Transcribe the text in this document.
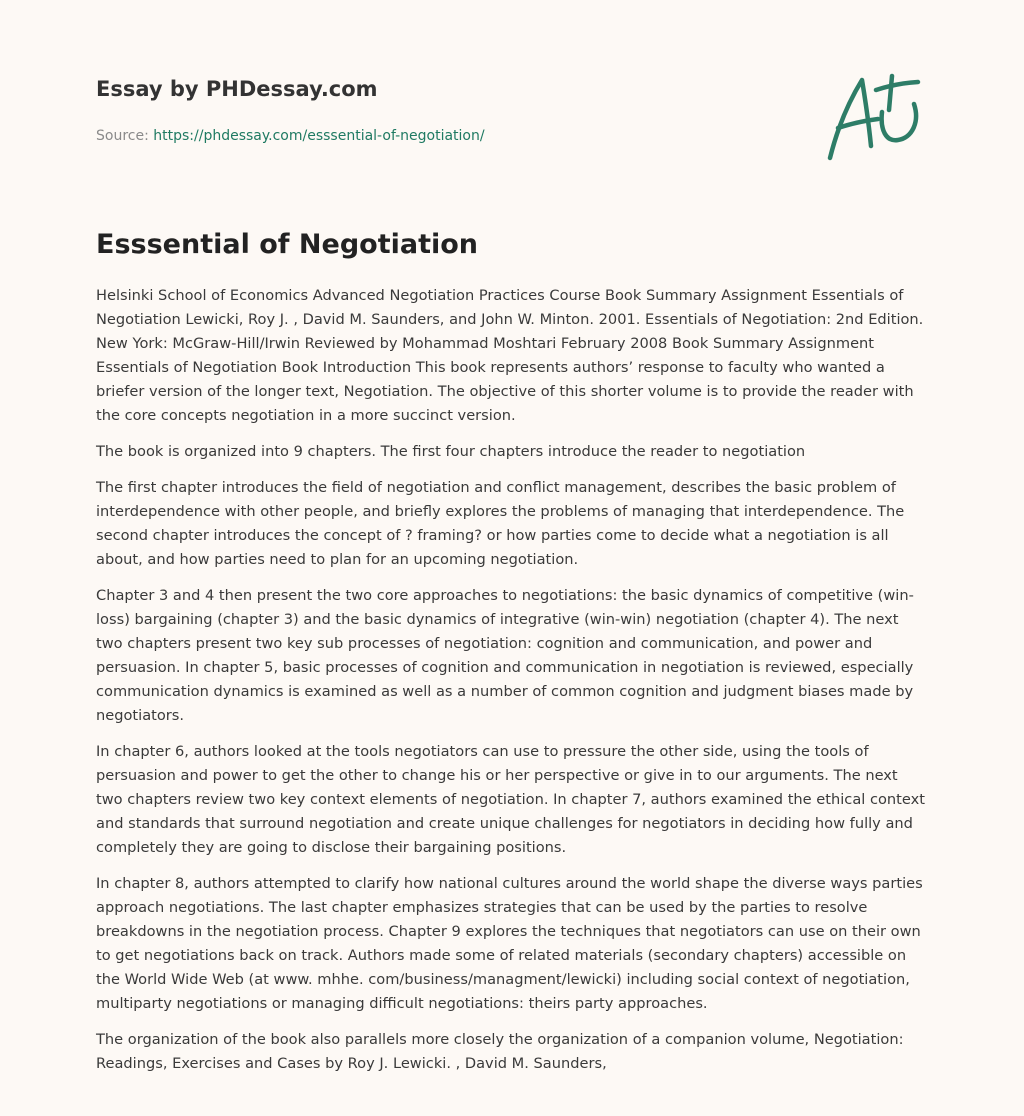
Essay by PHDessay.com
Source: https://phdessay.com/esssential-of-negotiation/
Esssential of Negotiation

Helsinki School of Economics Advanced Negotiation Practices Course Book Summary Assignment Essentials of Negotiation Lewicki, Roy J. , David M. Saunders, and John W. Minton. 2001. Essentials of Negotiation: 2nd Edition. New York: McGraw-Hill/Irwin Reviewed by Mohammad Moshtari February 2008 Book Summary Assignment Essentials of Negotiation Book Introduction This book represents authors’ response to faculty who wanted a briefer version of the longer text, Negotiation. The objective of this shorter volume is to provide the reader with the core concepts negotiation in a more succinct version.

The book is organized into 9 chapters. The first four chapters introduce the reader to negotiation

The first chapter introduces the field of negotiation and conflict management, describes the basic problem of interdependence with other people, and briefly explores the problems of managing that interdependence. The second chapter introduces the concept of ? framing? or how parties come to decide what a negotiation is all about, and how parties need to plan for an upcoming negotiation.

Chapter 3 and 4 then present the two core approaches to negotiations: the basic dynamics of competitive (win-loss) bargaining (chapter 3) and the basic dynamics of integrative (win-win) negotiation (chapter 4). The next two chapters present two key sub processes of negotiation: cognition and communication, and power and persuasion. In chapter 5, basic processes of cognition and communication in negotiation is reviewed, especially communication dynamics is examined as well as a number of common cognition and judgment biases made by negotiators.

In chapter 6, authors looked at the tools negotiators can use to pressure the other side, using the tools of persuasion and power to get the other to change his or her perspective or give in to our arguments. The next two chapters review two key context elements of negotiation. In chapter 7, authors examined the ethical context and standards that surround negotiation and create unique challenges for negotiators in deciding how fully and completely they are going to disclose their bargaining positions.

In chapter 8, authors attempted to clarify how national cultures around the world shape the diverse ways parties approach negotiations. The last chapter emphasizes strategies that can be used by the parties to resolve breakdowns in the negotiation process. Chapter 9 explores the techniques that negotiators can use on their own to get negotiations back on track. Authors made some of related materials (secondary chapters) accessible on the World Wide Web (at www. mhhe. com/business/managment/lewicki) including social context of negotiation, multiparty negotiations or managing difficult negotiations: theirs party approaches.

The organization of the book also parallels more closely the organization of a companion volume, Negotiation: Readings, Exercises and Cases by Roy J. Lewicki. , David M. Saunders,
